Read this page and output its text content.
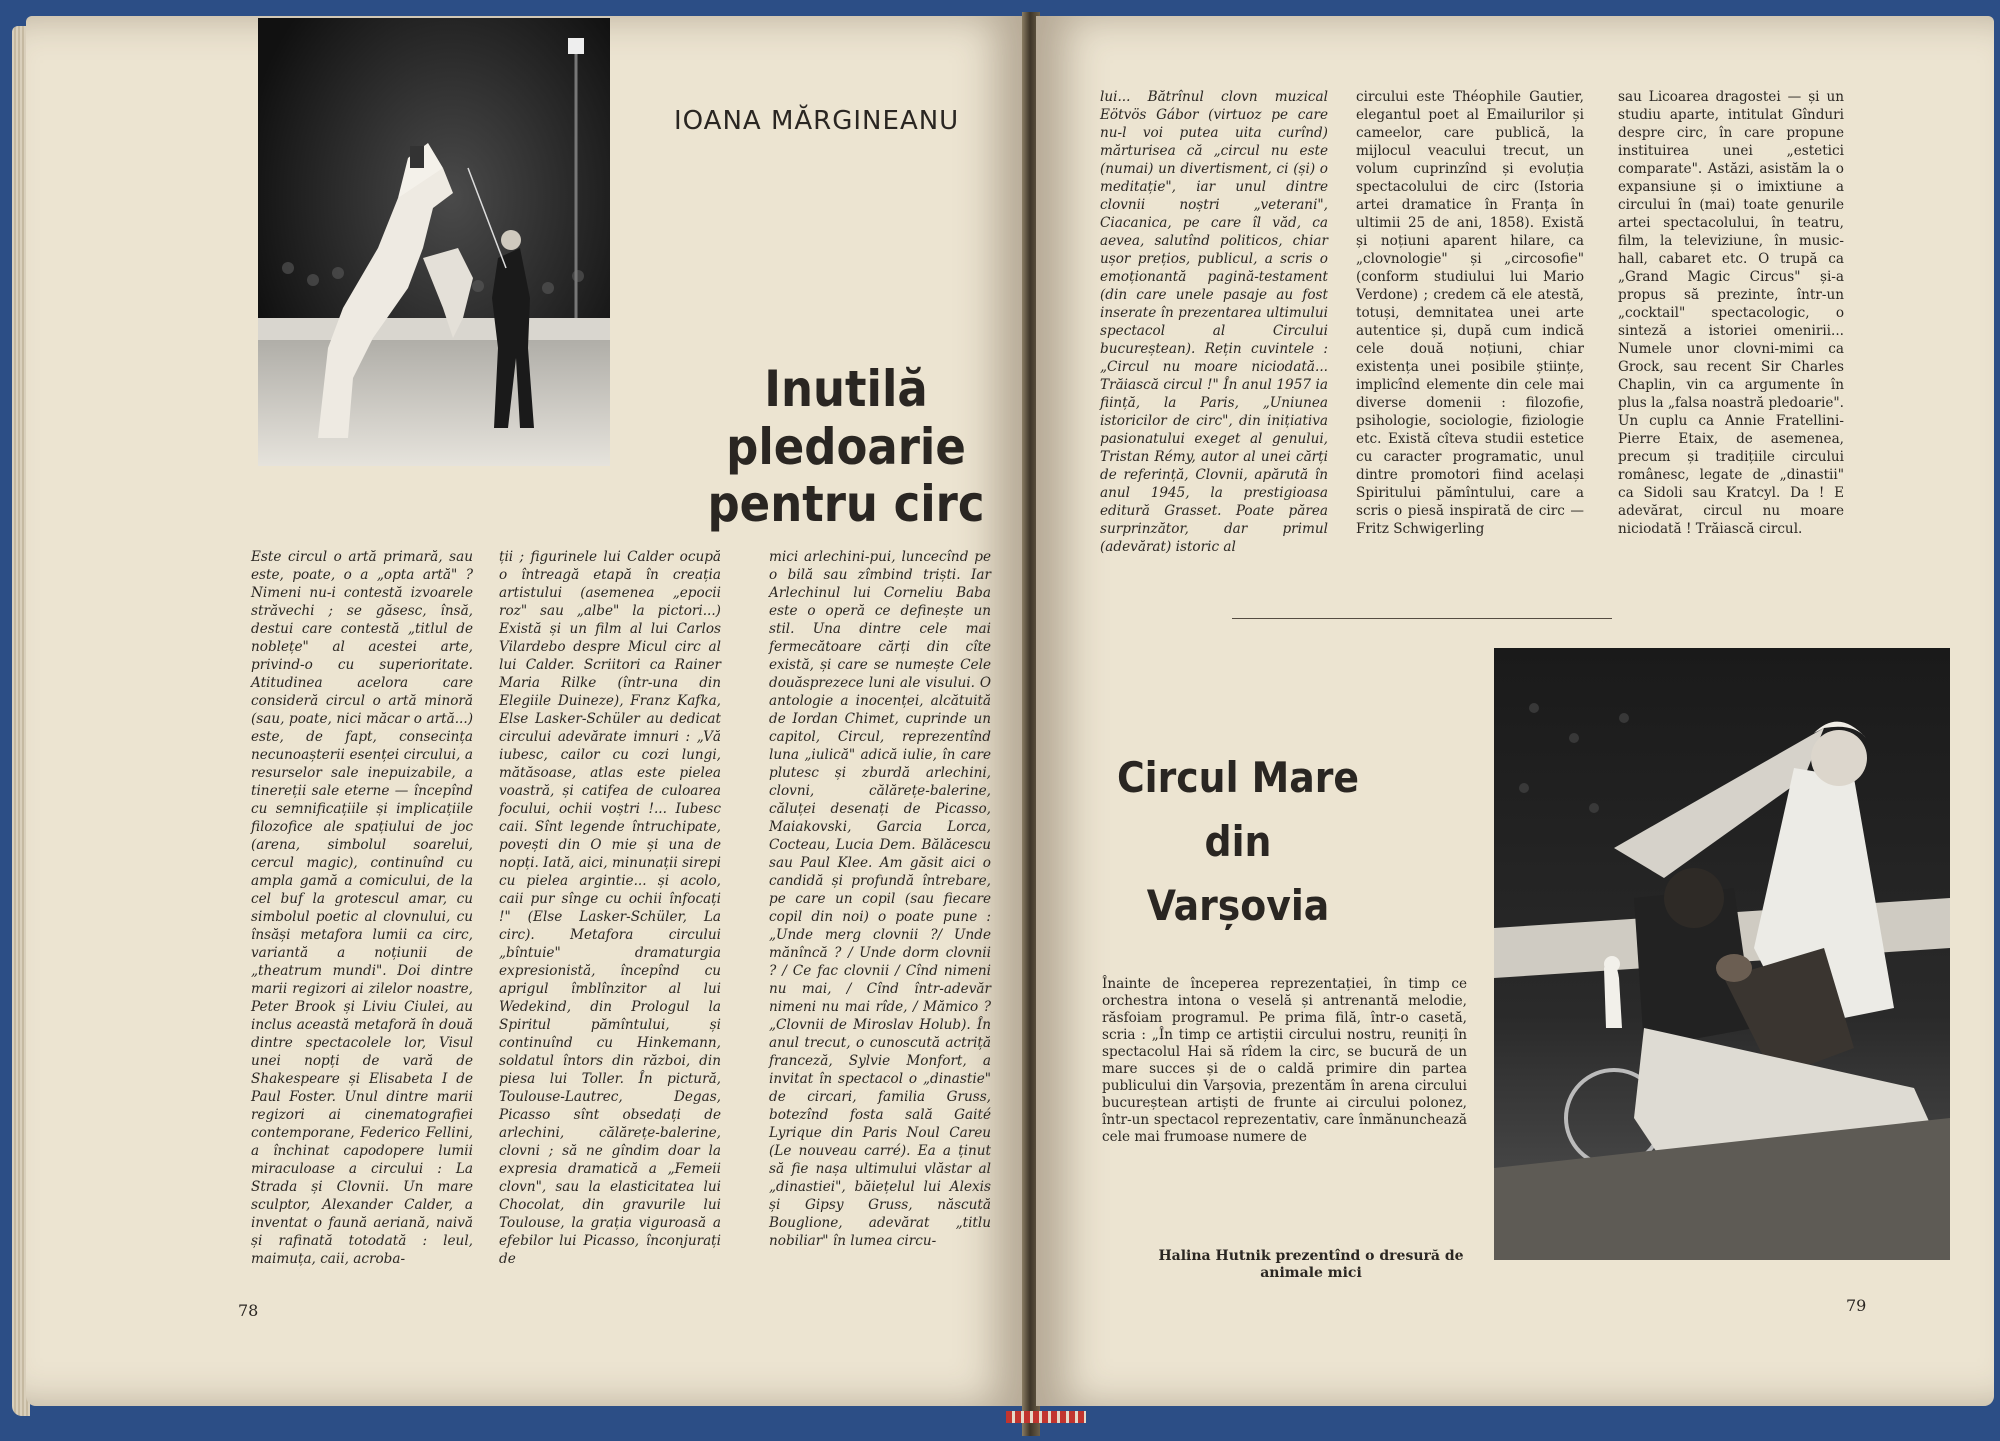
IOANA MĂRGINEANU
Inutilă pledoarie
pentru circ
Este circul o artă primară, sau este, poate, o a „opta artă" ? Nimeni nu-i contestă izvoarele străvechi ; se găsesc, însă, destui care contestă „titlul de noblețe" al acestei arte, privind-o cu superioritate. Atitudinea acelora care consideră circul o artă minoră (sau, poate, nici măcar o artă...) este, de fapt, consecința necunoașterii esenței circului, a resurselor sale inepuizabile, a tinereții sale eterne — începînd cu semnificațiile și implicațiile filozofice ale spațiului de joc (arena, simbolul soarelui, cercul magic), continuînd cu ampla gamă a comicului, de la cel buf la grotescul amar, cu simbolul poetic al clovnului, cu însăși metafora lumii ca circ, variantă a noțiunii de „theatrum mundi". Doi dintre marii regizori ai zilelor noastre, Peter Brook și Liviu Ciulei, au inclus această metaforă în două dintre spectacolele lor, Visul unei nopți de vară de Shakespeare și Elisabeta I de Paul Foster. Unul dintre marii regizori ai cinematografiei contemporane, Federico Fellini, a închinat capodopere lumii miraculoase a circului : La Strada și Clovnii. Un mare sculptor, Alexander Calder, a inventat o faună aeriană, naivă și rafinată totodată : leul, maimuța, caii, acroba-
ții ; figurinele lui Calder ocupă o întreagă etapă în creația artistului (asemenea „epocii roz" sau „albe" la pictori...) Există și un film al lui Carlos Vilardebo despre Micul circ al lui Calder. Scriitori ca Rainer Maria Rilke (într-una din Elegiile Duineze), Franz Kafka, Else Lasker-Schüler au dedicat circului adevărate imnuri : „Vă iubesc, cailor cu cozi lungi, mătăsoase, atlas este pielea voastră, și catifea de culoarea focului, ochii voștri !... Iubesc caii. Sînt legende întruchipate, povești din O mie și una de nopți. Iată, aici, minunații sirepi cu pielea argintie... și acolo, caii pur sînge cu ochii înfocați !" (Else Lasker-Schüler, La circ). Metafora circului „bîntuie" dramaturgia expresionistă, începînd cu aprigul îmblînzitor al lui Wedekind, din Prologul la Spiritul pămîntului, și continuînd cu Hinkemann, soldatul întors din război, din piesa lui Toller. În pictură, Toulouse-Lautrec, Degas, Picasso sînt obsedați de arlechini, călărețe-balerine, clovni ; să ne gîndim doar la expresia dramatică a „Femeii clovn", sau la elasticitatea lui Chocolat, din gravurile lui Toulouse, la grația viguroasă a efebilor lui Picasso, înconjurați de
mici arlechini-pui, luncecînd pe o bilă sau zîmbind triști. Iar Arlechinul lui Corneliu Baba este o operă ce definește un stil. Una dintre cele mai fermecătoare cărți din cîte există, și care se numește Cele douăsprezece luni ale visului. O antologie a inocenței, alcătuită de Iordan Chimet, cuprinde un capitol, Circul, reprezentînd luna „iulică" adică iulie, în care plutesc și zburdă arlechini, clovni, călărețe-balerine, căluței desenați de Picasso, Maiakovski, Garcia Lorca, Cocteau, Lucia Dem. Bălăcescu sau Paul Klee. Am găsit aici o candidă și profundă întrebare, pe care un copil (sau fiecare copil din noi) o poate pune : „Unde merg clovnii ?/ Unde mănîncă ? / Unde dorm clovnii ? / Ce fac clovnii / Cînd nimeni nu mai, / Cînd într-adevăr nimeni nu mai rîde, / Mămico ? „Clovnii de Miroslav Holub). În anul trecut, o cunoscută actriță franceză, Sylvie Monfort, a invitat în spectacol o „dinastie" de circari, familia Gruss, botezînd fosta sală Gaité Lyrique din Paris Noul Careu (Le nouveau carré). Ea a ținut să fie nașa ultimului vlăstar al „dinastiei", băiețelul lui Alexis și Gipsy Gruss, născută Bouglione, adevărat „titlu nobiliar" în lumea circu-
78
lui... Bătrînul clovn muzical Eötvös Gábor (virtuoz pe care nu-l voi putea uita curînd) mărturisea că „circul nu este (numai) un divertisment, ci (și) o meditație", iar unul dintre clovnii noștri „veterani", Ciacanica, pe care îl văd, ca aevea, salutînd politicos, chiar ușor prețios, publicul, a scris o emoționantă pagină-testament (din care unele pasaje au fost inserate în prezentarea ultimului spectacol al Circului bucureștean). Rețin cuvintele : „Circul nu moare niciodată... Trăiască circul !" În anul 1957 ia ființă, la Paris, „Uniunea istoricilor de circ", din inițiativa pasionatului exeget al genului, Tristan Rémy, autor al unei cărți de referință, Clovnii, apărută în anul 1945, la prestigioasa editură Grasset. Poate părea surprinzător, dar primul (adevărat) istoric al
circului este Théophile Gautier, elegantul poet al Emailurilor și cameelor, care publică, la mijlocul veacului trecut, un volum cuprinzînd și evoluția spectacolului de circ (Istoria artei dramatice în Franța în ultimii 25 de ani, 1858). Există și noțiuni aparent hilare, ca „clovnologie" și „circosofie" (conform studiului lui Mario Verdone) ; credem că ele atestă, totuși, demnitatea unei arte autentice și, după cum indică cele două noțiuni, chiar existența unei posibile științe, implicînd elemente din cele mai diverse domenii : filozofie, psihologie, sociologie, fiziologie etc. Există cîteva studii estetice cu caracter programatic, unul dintre promotori fiind același Spiritului pămîntului, care a scris o piesă inspirată de circ — Fritz Schwigerling
sau Licoarea dragostei — și un studiu aparte, intitulat Gînduri despre circ, în care propune instituirea unei „estetici comparate". Astăzi, asistăm la o expansiune și o imixtiune a circului în (mai) toate genurile artei spectacolului, în teatru, film, la televiziune, în music-hall, cabaret etc. O trupă ca „Grand Magic Circus" și-a propus să prezinte, într-un „cocktail" spectacologic, o sinteză a istoriei omenirii... Numele unor clovni-mimi ca Grock, sau recent Sir Charles Chaplin, vin ca argumente în plus la „falsa noastră pledoarie". Un cuplu ca Annie Fratellini-Pierre Etaix, de asemenea, precum și tradițiile circului românesc, legate de „dinastii" ca Sidoli sau Kratcyl. Da ! E adevărat, circul nu moare niciodată ! Trăiască circul.
Circul Mare
din
Varșovia
Înainte de începerea reprezentației, în timp ce orchestra intona o veselă și antrenantă melodie, răsfoiam programul. Pe prima filă, într-o casetă, scria : „În timp ce artiștii circului nostru, reuniți în spectacolul Hai să rîdem la circ, se bucură de un mare succes și de o caldă primire din partea publicului din Varșovia, prezentăm în arena circului bucureștean artiști de frunte ai circului polonez, într-un spectacol reprezentativ, care înmănunchează cele mai frumoase numere de
Halina Hutnik prezentînd o dresură de
animale mici
79
